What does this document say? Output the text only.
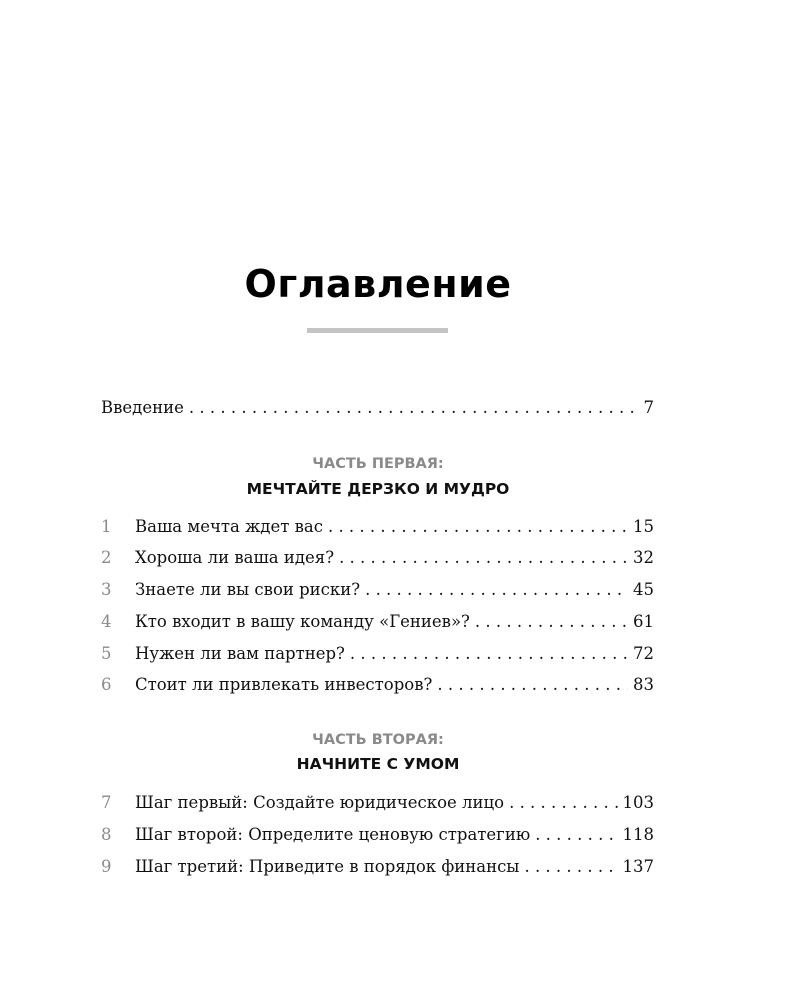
Оглавление
Введение . . .	7
ЧАСТЬ ПЕРВАЯ:
МЕЧТАЙТЕ ДЕРЗКО И МУДРО
1	Ваша мечта ждет вас . . .	15
2	Хороша ли ваша идея? . . .	32
3	Знаете ли вы свои риски? . . .	45
4	Кто входит в вашу команду «Гениев»? . . .	61
5	Нужен ли вам партнер? . . .	72
6	Стоит ли привлекать инвесторов? . . .	83
ЧАСТЬ ВТОРАЯ:
НАЧНИТЕ С УМОМ
7	Шаг первый: Создайте юридическое лицо . . .	103
8	Шаг второй: Определите ценовую стратегию . . .	118
9	Шаг третий: Приведите в порядок финансы . . .	137
